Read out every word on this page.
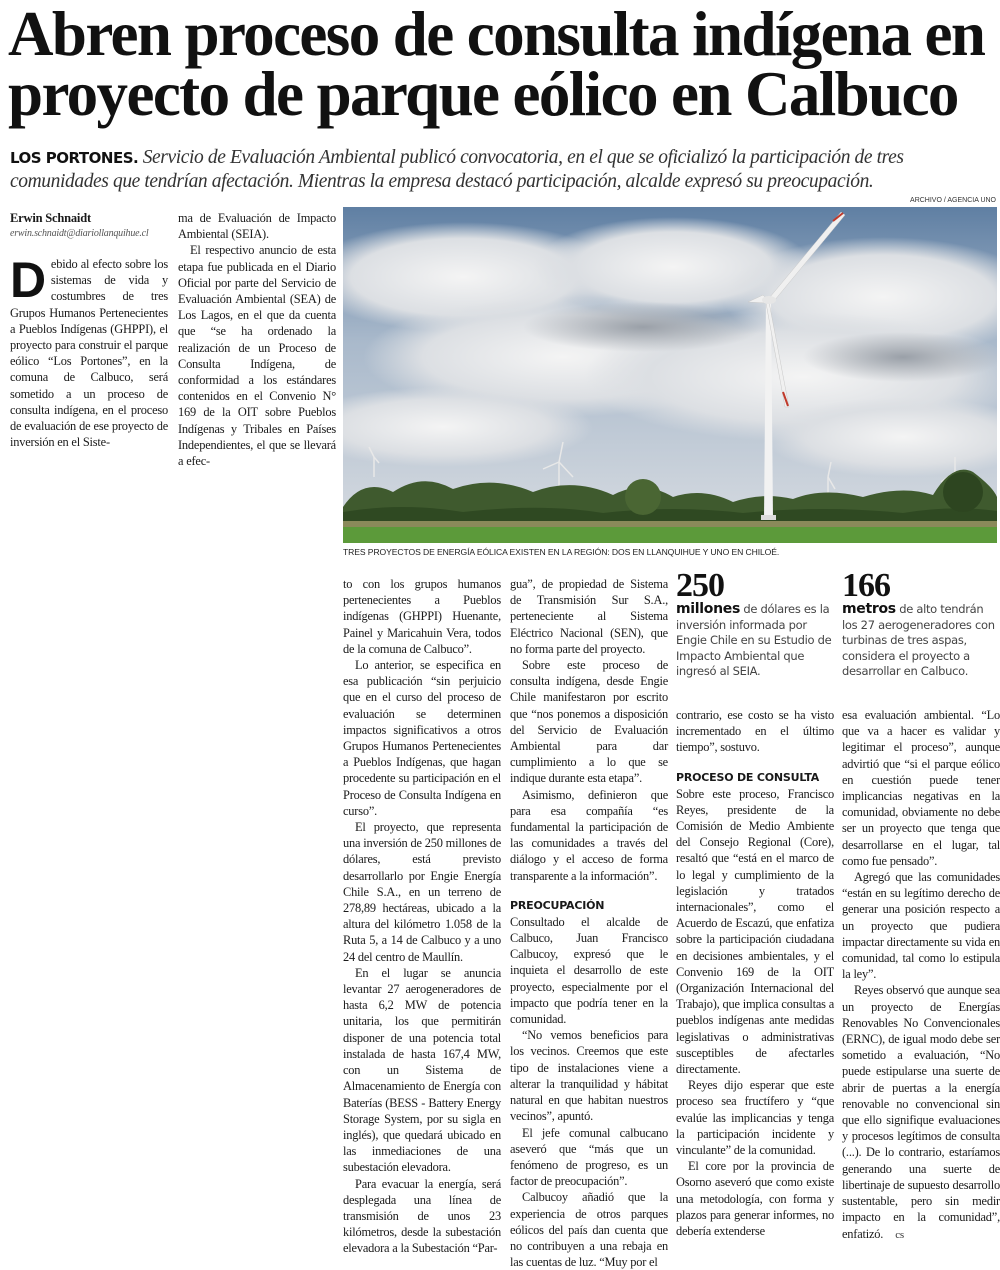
Abren proceso de consulta indígena en
proyecto de parque eólico en Calbuco
LOS PORTONES. Servicio de Evaluación Ambiental publicó convocatoria, en el que se oficializó la participación de tres comunidades que tendrían afectación. Mientras la empresa destacó participación, alcalde expresó su preocupación.
Erwin Schnaidt
erwin.schnaidt@diariollanquihue.cl
D ebido al efecto sobre los sistemas de vida y costumbres de tres Grupos Humanos Pertenecientes a Pueblos Indígenas (GHPPI), el proyecto para construir el parque eólico “Los Portones”, en la comuna de Calbuco, será sometido a un proceso de consulta indígena, en el proceso de evaluación de ese proyecto de inversión en el Siste-

ma de Evaluación de Impacto Ambiental (SEIA).

El respectivo anuncio de esta etapa fue publicada en el Diario Oficial por parte del Servicio de Evaluación Ambiental (SEA) de Los Lagos, en el que da cuenta que “se ha ordenado la realización de un Proceso de Consulta Indígena, de conformidad a los estándares contenidos en el Convenio N° 169 de la OIT sobre Pueblos Indígenas y Tribales en Países Independientes, el que se llevará a efec-

ARCHIVO / AGENCIA UNO
TRES PROYECTOS DE ENERGÍA EÓLICA EXISTEN EN LA REGIÓN: DOS EN LLANQUIHUE Y UNO EN CHILOÉ.

to con los grupos humanos pertenecientes a Pueblos indígenas (GHPPI) Huenante, Painel y Maricahuin Vera, todos de la comuna de Calbuco”.

Lo anterior, se especifica en esa publicación “sin perjuicio que en el curso del proceso de evaluación se determinen impactos significativos a otros Grupos Humanos Pertenecientes a Pueblos Indígenas, que hagan procedente su participación en el Proceso de Consulta Indígena en curso”.

El proyecto, que representa una inversión de 250 millones de dólares, está previsto desarrollarlo por Engie Energía Chile S.A., en un terreno de 278,89 hectáreas, ubicado a la altura del kilómetro 1.058 de la Ruta 5, a 14 de Calbuco y a uno 24 del centro de Maullín.

En el lugar se anuncia levantar 27 aerogeneradores de hasta 6,2 MW de potencia unitaria, los que permitirán disponer de una potencia total instalada de hasta 167,4 MW, con un Sistema de Almacenamiento de Energía con Baterías (BESS - Battery Energy Storage System, por su sigla en inglés), que quedará ubicado en las inmediaciones de una subestación elevadora.

Para evacuar la energía, será desplegada una línea de transmisión de unos 23 kilómetros, desde la subestación elevadora a la Subestación “Par-

gua”, de propiedad de Sistema de Transmisión Sur S.A., perteneciente al Sistema Eléctrico Nacional (SEN), que no forma parte del proyecto.

Sobre este proceso de consulta indígena, desde Engie Chile manifestaron por escrito que “nos ponemos a disposición del Servicio de Evaluación Ambiental para dar cumplimiento a lo que se indique durante esta etapa”.

Asimismo, definieron que para esa compañía “es fundamental la participación de las comunidades a través del diálogo y el acceso de forma transparente a la información”.

PREOCUPACIÓN

Consultado el alcalde de Calbuco, Juan Francisco Calbucoy, expresó que le inquieta el desarrollo de este proyecto, especialmente por el impacto que podría tener en la comunidad.

“No vemos beneficios para los vecinos. Creemos que este tipo de instalaciones viene a alterar la tranquilidad y hábitat natural en que habitan nuestros vecinos”, apuntó.

El jefe comunal calbucano aseveró que “más que un fenómeno de progreso, es un factor de preocupación”.

Calbucoy añadió que la experiencia de otros parques eólicos del país dan cuenta que no contribuyen a una rebaja en las cuentas de luz. “Muy por el

250
millones de dólares es la inversión informada por Engie Chile en su Estudio de Impacto Ambiental que ingresó al SEIA.
166
metros de alto tendrán los 27 aerogeneradores con turbinas de tres aspas, considera el proyecto a desarrollar en Calbuco.

contrario, ese costo se ha visto incrementado en el último tiempo”, sostuvo.

PROCESO DE CONSULTA

Sobre este proceso, Francisco Reyes, presidente de la Comisión de Medio Ambiente del Consejo Regional (Core), resaltó que “está en el marco de lo legal y cumplimiento de la legislación y tratados internacionales”, como el Acuerdo de Escazú, que enfatiza sobre la participación ciudadana en decisiones ambientales, y el Convenio 169 de la OIT (Organización Internacional del Trabajo), que implica consultas a pueblos indígenas ante medidas legislativas o administrativas susceptibles de afectarles directamente.

Reyes dijo esperar que este proceso sea fructífero y “que evalúe las implicancias y tenga la participación incidente y vinculante” de la comunidad.

El core por la provincia de Osorno aseveró que como existe una metodología, con forma y plazos para generar informes, no debería extenderse

esa evaluación ambiental. “Lo que va a hacer es validar y legitimar el proceso”, aunque advirtió que “si el parque eólico en cuestión puede tener implicancias negativas en la comunidad, obviamente no debe ser un proyecto que tenga que desarrollarse en el lugar, tal como fue pensado”.

Agregó que las comunidades “están en su legítimo derecho de generar una posición respecto a un proyecto que pudiera impactar directamente su vida en comunidad, tal como lo estipula la ley”.

Reyes observó que aunque sea un proyecto de Energías Renovables No Convencionales (ERNC), de igual modo debe ser sometido a evaluación, “No puede estipularse una suerte de abrir de puertas a la energía renovable no convencional sin que ello signifique evaluaciones y procesos legítimos de consulta (...). De lo contrario, estaríamos generando una suerte de libertinaje de supuesto desarrollo sustentable, pero sin medir impacto en la comunidad”, enfatizó. cs
